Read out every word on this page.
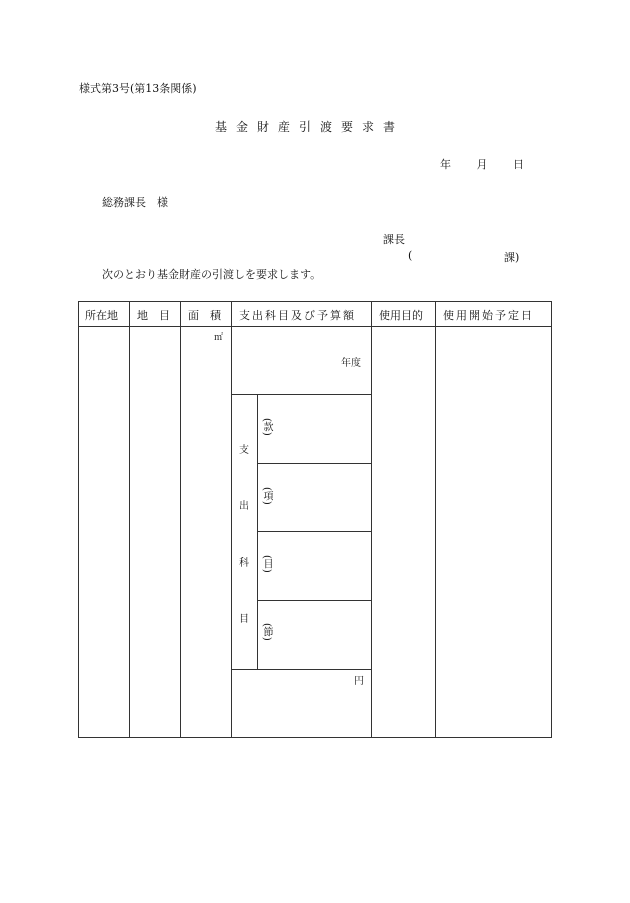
様式第3号(第13条関係)
基金財産引渡要求書
年 月 日
総務課長　様
課長
(	課)
次のとおり基金財産の引渡しを要求します。
所在地 地　目 面　積 支出科目及び予算額 使用目的 使用開始予定日
㎡
年度
支
出
科
目
(款)
(項)
(目)
(節)
円
